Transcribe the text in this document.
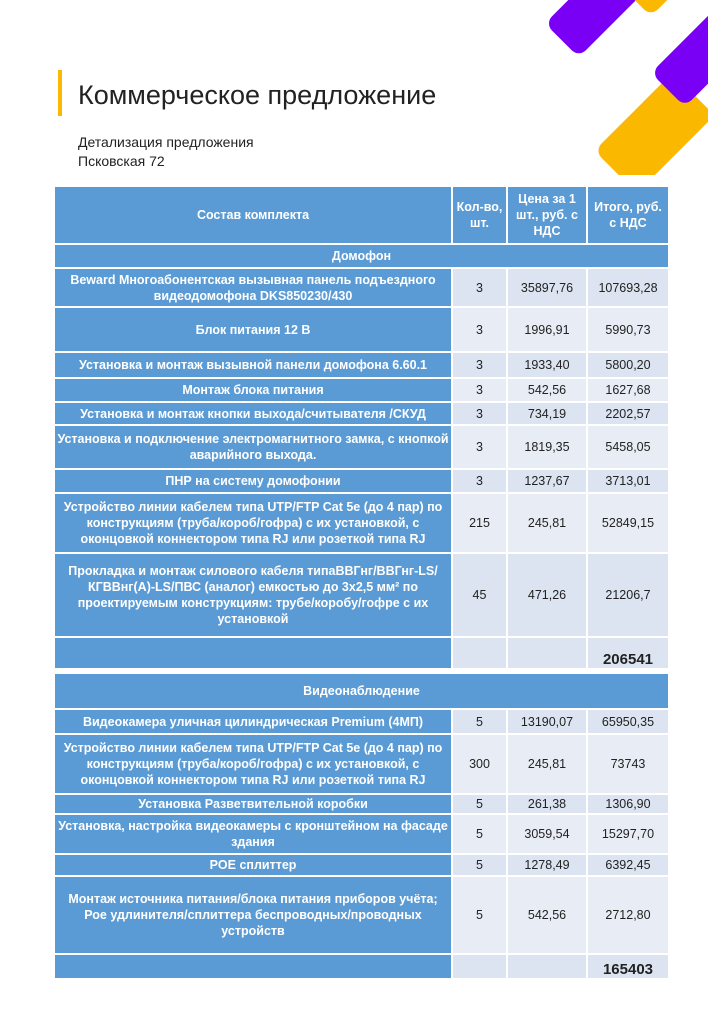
Коммерческое предложение
Детализация предложения
Псковская 72
Состав комплекта	Кол-во, шт.	Цена за 1 шт., руб. с НДС	Итого, руб. с НДС
Домофон			
Beward Многоабонентская вызывная панель подъездного видеодомофона DKS850230/430	3	35897,76	107693,28
Блок питания 12 В	3	1996,91	5990,73
Установка и монтаж вызывной панели домофона 6.60.1	3	1933,40	5800,20
Монтаж блока питания	3	542,56	1627,68
Установка и монтаж кнопки выхода/считывателя /СКУД	3	734,19	2202,57
Установка и подключение электромагнитного замка, с кнопкой аварийного выхода.	3	1819,35	5458,05
ПНР на систему домофонии	3	1237,67	3713,01
Устройство линии кабелем типа UTP/FTP Cat 5e (до 4 пар) по конструкциям (труба/короб/гофра) с их установкой, с оконцовкой коннектором типа RJ или розеткой типа RJ	215	245,81	52849,15
Прокладка и монтаж силового кабеля типаВВГнг/ВВГнг-LS/КГВВнг(А)-LS/ПВС (аналог) емкостью до 3х2,5 мм² по проектируемым конструкциям: трубе/коробу/гофре с их установкой	45	471,26	21206,7
			206541

Видеонаблюдение			
Видеокамера уличная цилиндрическая Premium (4МП)	5	13190,07	65950,35
Устройство линии кабелем типа UTP/FTP Cat 5e (до 4 пар) по конструкциям (труба/короб/гофра) с их установкой, с оконцовкой коннектором типа RJ или розеткой типа RJ	300	245,81	73743
Установка Разветвительной коробки	5	261,38	1306,90
Установка, настройка видеокамеры с кронштейном на фасаде здания	5	3059,54	15297,70
POE сплиттер	5	1278,49	6392,45
Монтаж источника питания/блока питания приборов учёта; Рое удлинителя/сплиттера беспроводных/проводных устройств	5	542,56	2712,80
			165403
